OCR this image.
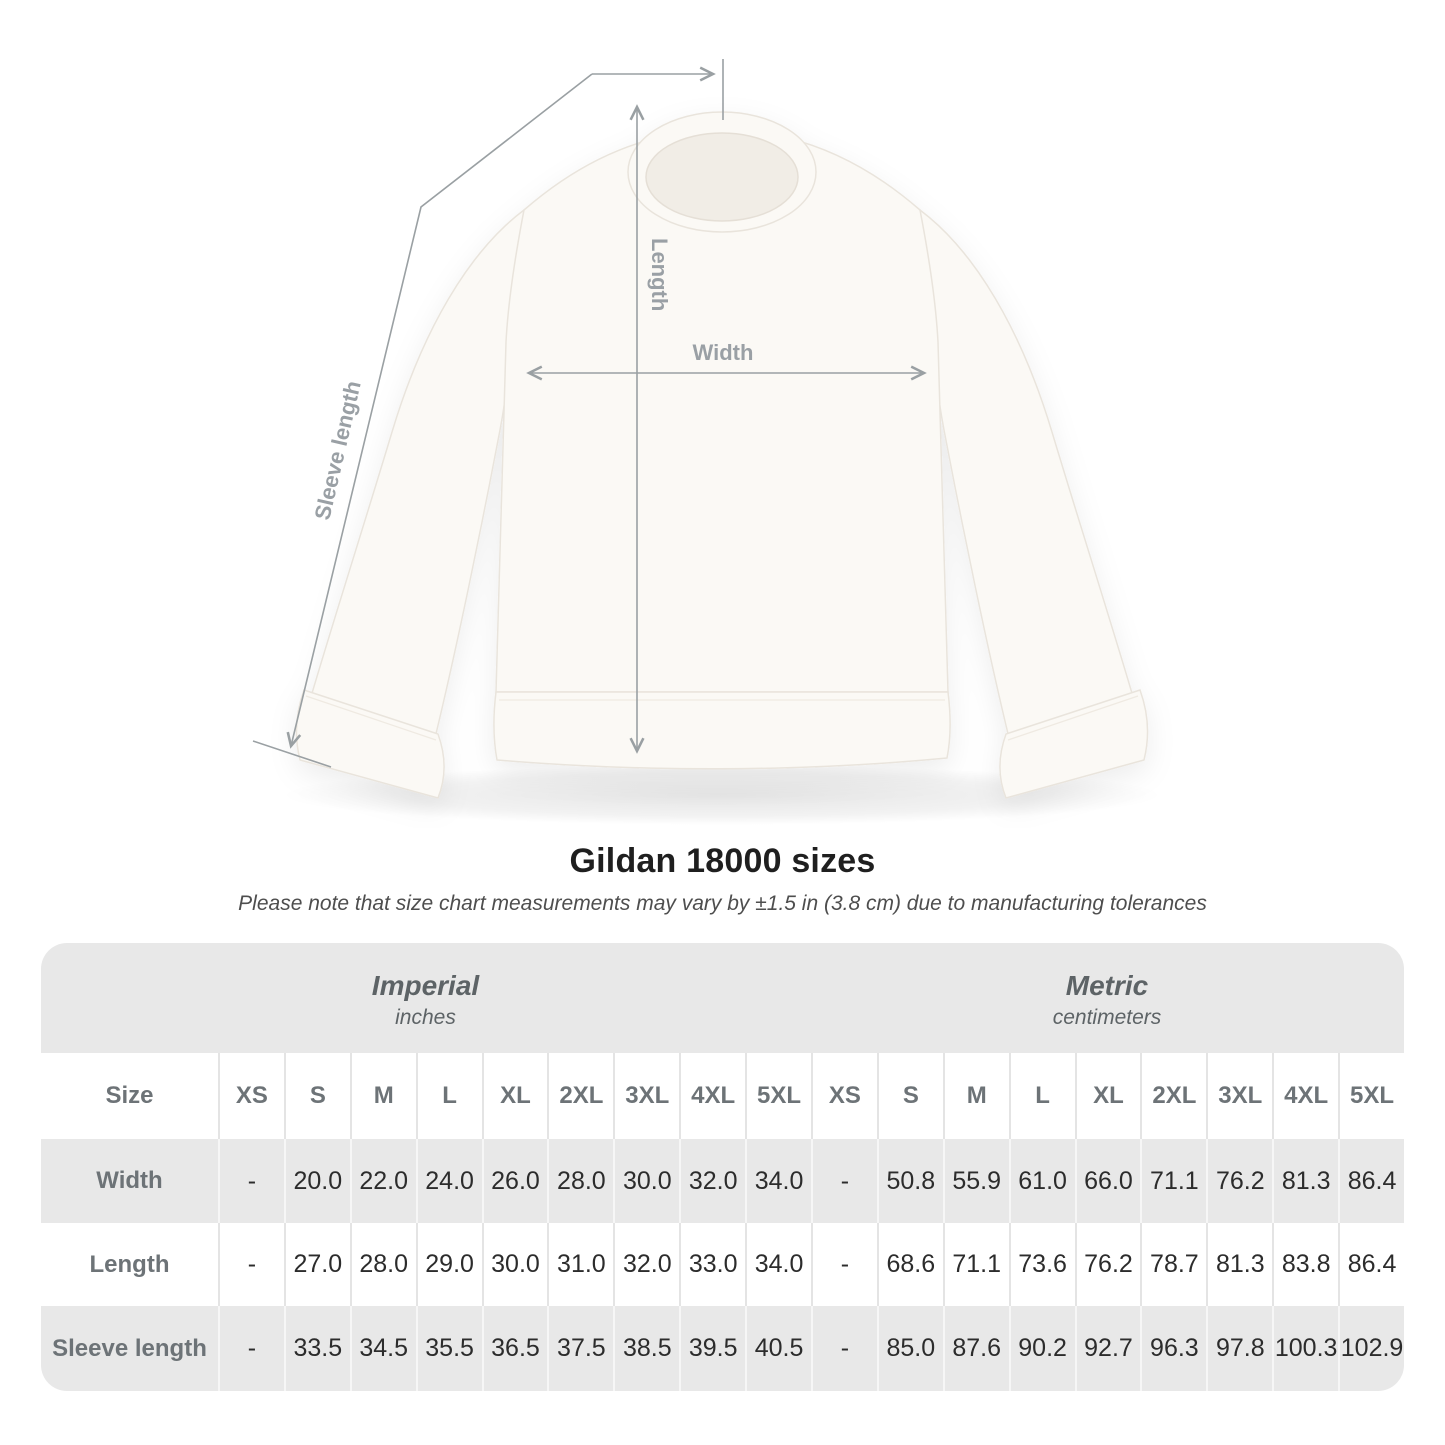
Length
Width
Sleeve length
Gildan 18000 sizes
Please note that size chart measurements may vary by ±1.5 in (3.8 cm) due to manufacturing tolerances
Imperial
inches
Metric
centimeters
Size	XS	S	M	L	XL	2XL 3XL 4XL 5XL	XS	S	M	L	XL	2XL 3XL 4XL 5XL
Width	-	20.0 22.0 24.0 26.0 28.0 30.0 32.0 34.0	-	50.8 55.9 61.0 66.0 71.1 76.2 81.3 86.4
Length	-	27.0 28.0 29.0 30.0 31.0 32.0 33.0 34.0	-	68.6 71.1 73.6 76.2 78.7 81.3 83.8 86.4
Sleeve length	-	33.5 34.5 35.5 36.5 37.5 38.5 39.5 40.5	-	85.0 87.6 90.2 92.7 96.3 97.8 100.3 102.9
